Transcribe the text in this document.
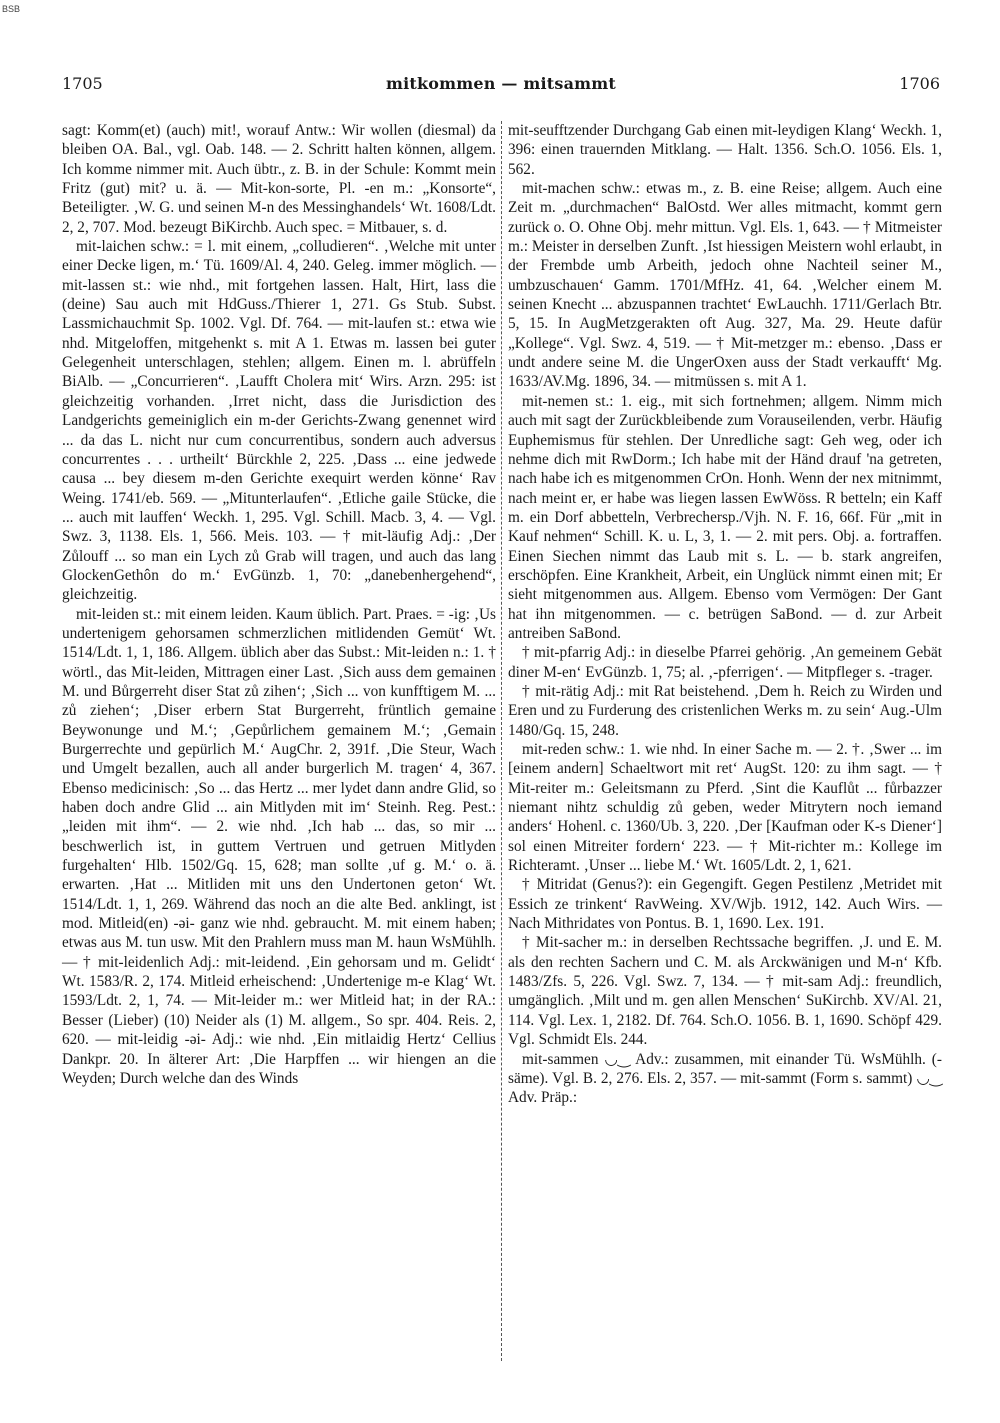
BSB
1705	mitkommen — mitsammt	1706

sagt: Komm(et) (auch) mit!, worauf Antw.: Wir wollen (diesmal) da bleiben OA. Bal., vgl. Oab. 148. — 2. Schritt halten können, allgem. Ich komme nimmer mit. Auch übtr., z. B. in der Schule: Kommt mein Fritz (gut) mit? u. ä. — Mit-kon-sorte, Pl. -en m.: „Konsorte“, Beteiligter. ‚W. G. und seinen M-n des Messinghandels‘ Wt. 1608/Ldt. 2, 2, 707. Mod. bezeugt BiKirchb. Auch spec. = Mitbauer, s. d.

mit-laichen schw.: = l. mit einem, „colludieren“. ‚Welche mit unter einer Decke ligen, m.‘ Tü. 1609/Al. 4, 240. Geleg. immer möglich. — mit-lassen st.: wie nhd., mit fortgehen lassen. Halt, Hirt, lass die (deine) Sau auch mit HdGuss./Thierer 1, 271. Gs Stub. Subst. Lassmichauchmit Sp. 1002. Vgl. Df. 764. — mit-laufen st.: etwa wie nhd. Mitgeloffen, mitgehenkt s. mit A 1. Etwas m. lassen bei guter Gelegenheit unterschlagen, stehlen; allgem. Einen m. l. abrüffeln BiAlb. — „Concurrieren“. ‚Laufft Cholera mit‘ Wirs. Arzn. 295: ist gleichzeitig vorhanden. ‚Irret nicht, dass die Jurisdiction des Landgerichts gemeiniglich ein m-der Gerichts-Zwang genennet wird ... da das L. nicht nur cum concurrentibus, sondern auch adversus concurrentes . . . urtheilt‘ Bürckhle 2, 225. ‚Dass ... eine jedwede causa ... bey diesem m-den Gerichte exequirt werden könne‘ Rav Weing. 1741/eb. 569. — „Mitunterlaufen“. ‚Etliche gaile Stücke, die ... auch mit lauffen‘ Weckh. 1, 295. Vgl. Schill. Macb. 3, 4. — Vgl. Swz. 3, 1138. Els. 1, 566. Meis. 103. — † mit-läufig Adj.: ‚Der Zůlouff ... so man ein Lych zů Grab will tragen, und auch das lang GlockenGethôn do m.‘ EvGünzb. 1, 70: „danebenhergehend“, gleichzeitig.

mit-leiden st.: mit einem leiden. Kaum üblich. Part. Praes. = -ig: ‚Us undertenigem gehorsamen schmerzlichen mitlidenden Gemüt‘ Wt. 1514/Ldt. 1, 1, 186. Allgem. üblich aber das Subst.: Mit-leiden n.: 1. † wörtl., das Mit-leiden, Mittragen einer Last. ‚Sich auss dem gemainen M. und Bůrgerreht diser Stat zů zihen‘; ‚Sich ... von kunfftigem M. ... zů ziehen‘; ‚Diser erbern Stat Burgerreht, früntlich gemaine Beywonunge und M.‘; ‚Gepůrlichem gemainem M.‘; ‚Gemain Burgerrechte und gepürlich M.‘ AugChr. 2, 391f. ‚Die Steur, Wach und Umgelt bezallen, auch all ander burgerlich M. tragen‘ 4, 367. Ebenso medicinisch: ‚So ... das Hertz ... mer lydet dann andre Glid, so haben doch andre Glid ... ain Mitlyden mit im‘ Steinh. Reg. Pest.: „leiden mit ihm“. — 2. wie nhd. ‚Ich hab ... das, so mir ... beschwerlich ist, in guttem Vertruen und getruen Mitlyden furgehalten‘ Hlb. 1502/Gq. 15, 628; man sollte ‚uf g. M.‘ o. ä. erwarten. ‚Hat ... Mitliden mit uns den Undertonen geton‘ Wt. 1514/Ldt. 1, 1, 269. Während das noch an die alte Bed. anklingt, ist mod. Mitleid(en) -əi- ganz wie nhd. gebraucht. M. mit einem haben; etwas aus M. tun usw. Mit den Prahlern muss man M. haun WsMühlh. — † mit-leidenlich Adj.: mit-leidend. ‚Ein gehorsam und m. Gelidt‘ Wt. 1583/R. 2, 174. Mitleid erheischend: ‚Undertenige m-e Klag‘ Wt. 1593/Ldt. 2, 1, 74. — Mit-leider m.: wer Mitleid hat; in der RA.: Besser (Lieber) (10) Neider als (1) M. allgem., So spr. 404. Reis. 2, 620. — mit-leidig -əi- Adj.: wie nhd. ‚Ein mitlaidig Hertz‘ Cellius Dankpr. 20. In älterer Art: ‚Die Harpffen ... wir hiengen an die Weyden; Durch welche dan des Winds

mit-seufftzender Durchgang Gab einen mit-leydigen Klang‘ Weckh. 1, 396: einen trauernden Mitklang. — Halt. 1356. Sch.O. 1056. Els. 1, 562.

mit-machen schw.: etwas m., z. B. eine Reise; allgem. Auch eine Zeit m. „durchmachen“ BalOstd. Wer alles mitmacht, kommt gern zurück o. O. Ohne Obj. mehr mittun. Vgl. Els. 1, 643. — † Mitmeister m.: Meister in derselben Zunft. ‚Ist hiessigen Meistern wohl erlaubt, in der Frembde umb Arbeith, jedoch ohne Nachteil seiner M., umbzuschauen‘ Gamm. 1701/MfHz. 41, 64. ‚Welcher einem M. seinen Knecht ... abzuspannen trachtet‘ EwLauchh. 1711/Gerlach Btr. 5, 15. In AugMetzgerakten oft Aug. 327, Ma. 29. Heute dafür „Kollege“. Vgl. Swz. 4, 519. — † Mit-metzger m.: ebenso. ‚Dass er undt andere seine M. die UngerOxen auss der Stadt verkaufft‘ Mg. 1633/AV.Mg. 1896, 34. — mitmüssen s. mit A 1.

mit-nemen st.: 1. eig., mit sich fortnehmen; allgem. Nimm mich auch mit sagt der Zurückbleibende zum Vorauseilenden, verbr. Häufig Euphemismus für stehlen. Der Unredliche sagt: Geh weg, oder ich nehme dich mit RwDorm.; Ich habe mit der Händ drauf 'na getreten, nach habe ich es mitgenommen CrOn. Honh. Wenn der nex mitnimmt, nach meint er, er habe was liegen lassen EwWöss. R betteln; ein Kaff m. ein Dorf abbetteln, Verbrechersp./Vjh. N. F. 16, 66f. Für „mit in Kauf nehmen“ Schill. K. u. L, 3, 1. — 2. mit pers. Obj. a. fortraffen. Einen Siechen nimmt das Laub mit s. L. — b. stark angreifen, erschöpfen. Eine Krankheit, Arbeit, ein Unglück nimmt einen mit; Er sieht mitgenommen aus. Allgem. Ebenso vom Vermögen: Der Gant hat ihn mitgenommen. — c. betrügen SaBond. — d. zur Arbeit antreiben SaBond.

† mit-pfarrig Adj.: in dieselbe Pfarrei gehörig. ‚An gemeinem Gebät diner M-en‘ EvGünzb. 1, 75; al. ‚-pferrigen‘. — Mitpfleger s. -trager.

† mit-rätig Adj.: mit Rat beistehend. ‚Dem h. Reich zu Wirden und Eren und zu Furderung des cristenlichen Werks m. zu sein‘ Aug.-Ulm 1480/Gq. 15, 248.

mit-reden schw.: 1. wie nhd. In einer Sache m. — 2. †. ‚Swer ... im [einem andern] Schaeltwort mit ret‘ AugSt. 120: zu ihm sagt. — † Mit-reiter m.: Geleitsmann zu Pferd. ‚Sint die Kauflůt ... fůrbazzer niemant nihtz schuldig zů geben, weder Mitrytern noch iemand anders‘ Hohenl. c. 1360/Ub. 3, 220. ‚Der [Kaufman oder K-s Diener‘] sol einen Mitreiter fordern‘ 223. — † Mit-richter m.: Kollege im Richteramt. ‚Unser ... liebe M.‘ Wt. 1605/Ldt. 2, 1, 621.

† Mitridat (Genus?): ein Gegengift. Gegen Pestilenz ‚Metridet mit Essich ze trinkent‘ RavWeing. XV/Wjb. 1912, 142. Auch Wirs. — Nach Mithridates von Pontus. B. 1, 1690. Lex. 191.

† Mit-sacher m.: in derselben Rechtssache begriffen. ‚J. und E. M. als den rechten Sachern und C. M. als Arckwänigen und M-n‘ Kfb. 1483/Zfs. 5, 226. Vgl. Swz. 7, 134. — † mit-sam Adj.: freundlich, umgänglich. ‚Milt und m. gen allen Menschen‘ SuKirchb. XV/Al. 21, 114. Vgl. Lex. 1, 2182. Df. 764. Sch.O. 1056. B. 1, 1690. Schöpf 429. Vgl. Schmidt Els. 244.

mit-sammen ◡‿ Adv.: zusammen, mit einander Tü. WsMühlh. (-säme). Vgl. B. 2, 276. Els. 2, 357. — mit-sammt (Form s. sammt) ◡‿ Adv. Präp.:
